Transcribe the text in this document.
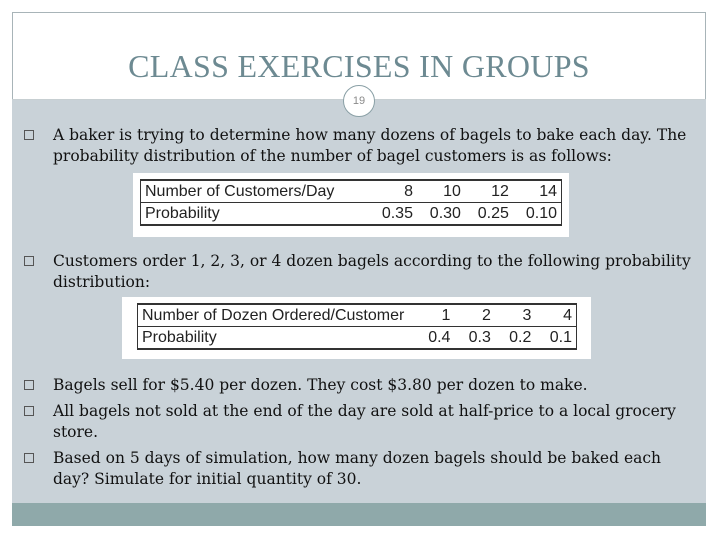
CLASS EXERCISES IN GROUPS
19
A baker is trying to determine how many dozens of bagels to bake each day. The probability distribution of the number of bagel customers is as follows:
Number of Customers/Day	8	10	12	14
Probability	0.35	0.30	0.25	0.10
Customers order 1, 2, 3, or 4 dozen bagels according to the following probability distribution:
Number of Dozen Ordered/Customer	1	2	3	4
Probability	0.4	0.3	0.2	0.1
Bagels sell for $5.40 per dozen. They cost $3.80 per dozen to make.
All bagels not sold at the end of the day are sold at half-price to a local grocery store.
Based on 5 days of simulation, how many dozen bagels should be baked each day? Simulate for initial quantity of 30.
